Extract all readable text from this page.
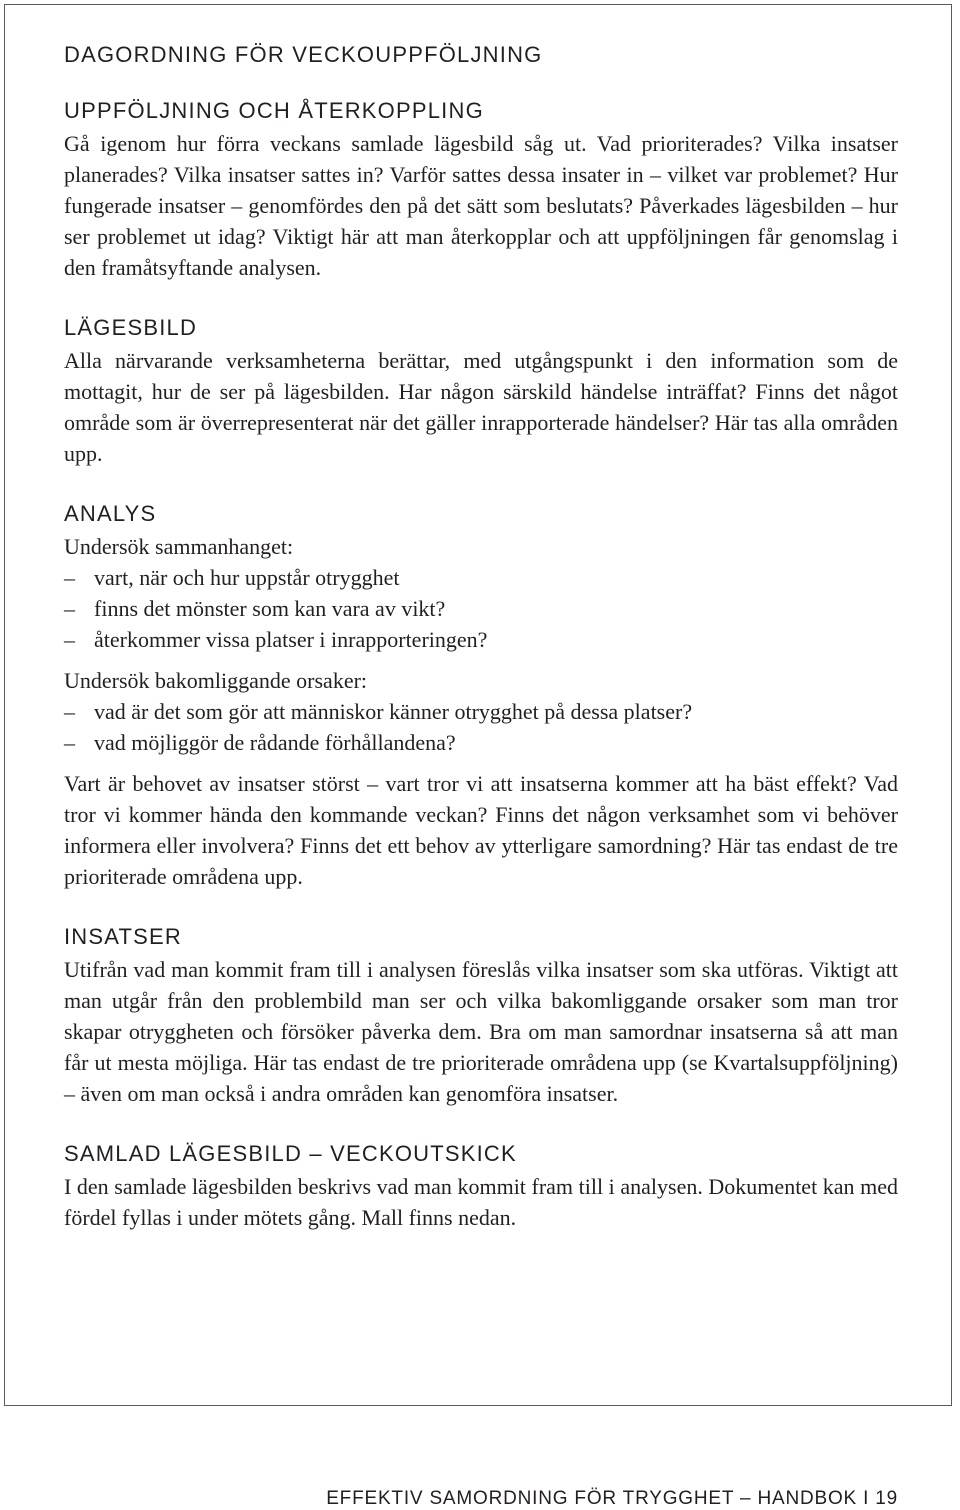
DAGORDNING FÖR VECKOUPPFÖLJNING
UPPFÖLJNING OCH ÅTERKOPPLING

Gå igenom hur förra veckans samlade lägesbild såg ut. Vad prioriterades? Vilka insatser planerades? Vilka insatser sattes in? Varför sattes dessa insater in – vilket var problemet? Hur fungerade insatser – genomfördes den på det sätt som beslutats? Påverkades lägesbilden – hur ser problemet ut idag? Viktigt här att man återkopplar och att uppföljningen får genomslag i den framåtsyftande analysen.

LÄGESBILD

Alla närvarande verksamheterna berättar, med utgångspunkt i den information som de mottagit, hur de ser på lägesbilden. Har någon särskild händelse inträffat? Finns det något område som är överrepresenterat när det gäller inrapporterade händelser? Här tas alla områden upp.

ANALYS

Undersök sammanhanget:

– vart, när och hur uppstår otrygghet
– finns det mönster som kan vara av vikt?
– återkommer vissa platser i inrapporteringen?

Undersök bakomliggande orsaker:

– vad är det som gör att människor känner otrygghet på dessa platser?
– vad möjliggör de rådande förhållandena?

Vart är behovet av insatser störst – vart tror vi att insatserna kommer att ha bäst effekt? Vad tror vi kommer hända den kommande veckan? Finns det någon verksamhet som vi behöver informera eller involvera? Finns det ett behov av ytterligare samordning? Här tas endast de tre prioriterade områdena upp.

INSATSER

Utifrån vad man kommit fram till i analysen föreslås vilka insatser som ska utföras. Viktigt att man utgår från den problembild man ser och vilka bakomliggande orsaker som man tror skapar otryggheten och försöker påverka dem. Bra om man samordnar insatserna så att man får ut mesta möjliga. Här tas endast de tre prioriterade områdena upp (se Kvartalsuppföljning) – även om man också i andra områden kan genomföra insatser.

SAMLAD LÄGESBILD – VECKOUTSKICK

I den samlade lägesbilden beskrivs vad man kommit fram till i analysen. Dokumentet kan med fördel fyllas i under mötets gång. Mall finns nedan.

EFFEKTIV SAMORDNING FÖR TRYGGHET – HANDBOK I 19
